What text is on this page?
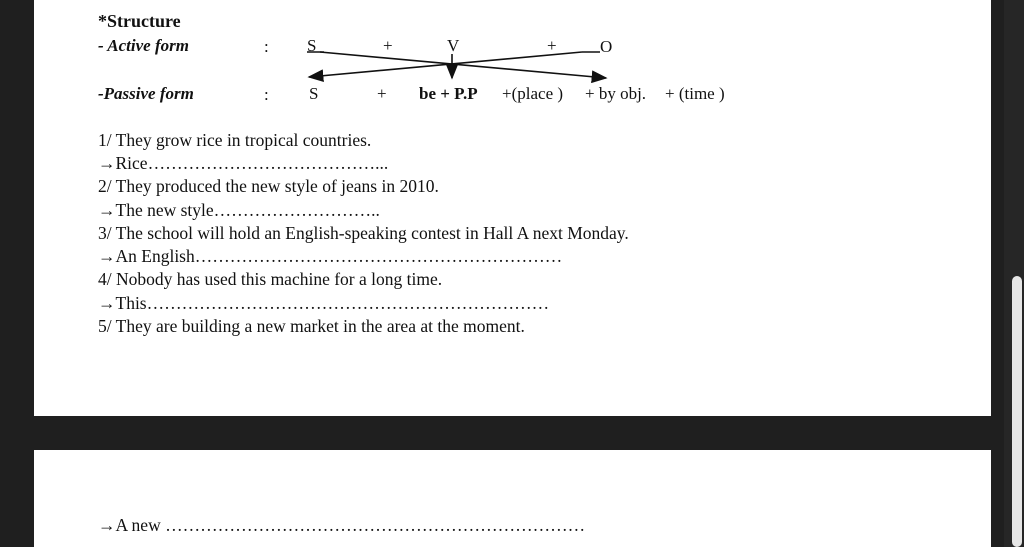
*Structure
- Active form	: S	+	V	+	O
-Passive form	: S	+ be + P.P +(place ) + by obj. + (time )
1/ They grow rice in tropical countries.
→Rice…………………………………...
2/ They produced the new style of jeans in 2010.
→The new style………………………..
3/ The school will hold an English-speaking contest in Hall A next Monday.
→An English………………………………………………………
4/ Nobody has used this machine for a long time.
→This……………………………………………………………
5/ They are building a new market in the area at the moment.
→A new ………………………………………………………………
